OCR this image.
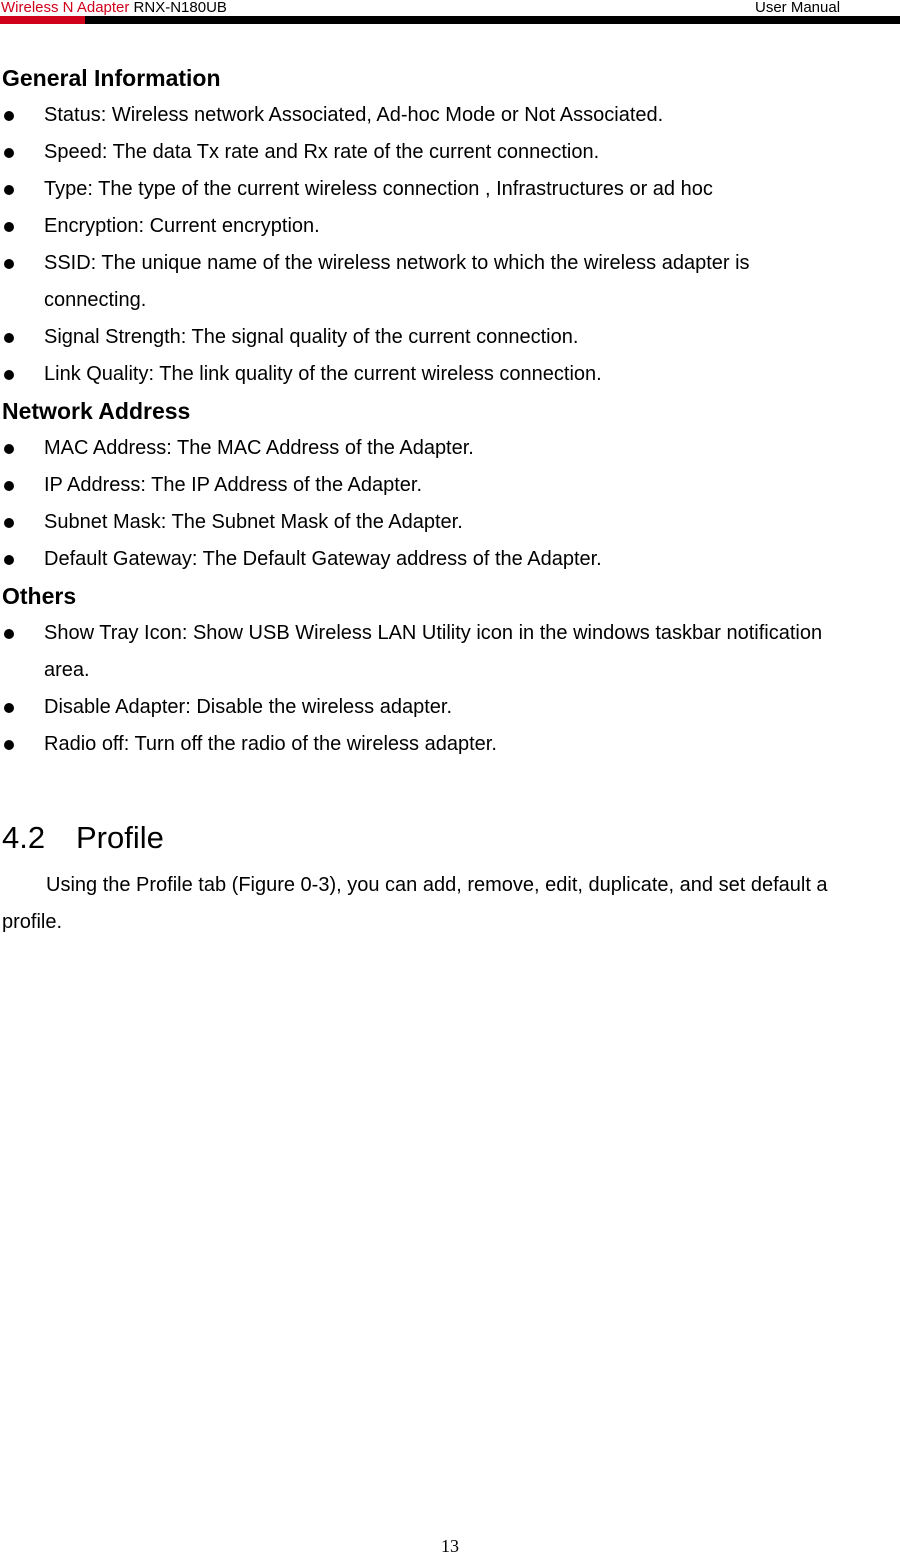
Wireless N Adapter RNX-N180UB	User Manual
General Information
Status: Wireless network Associated, Ad-hoc Mode or Not Associated.
Speed: The data Tx rate and Rx rate of the current connection.
Type: The type of the current wireless connection , Infrastructures or ad hoc
Encryption: Current encryption.
SSID: The unique name of the wireless network to which the wireless adapter is connecting.
Signal Strength: The signal quality of the current connection.
Link Quality: The link quality of the current wireless connection.
Network Address
MAC Address: The MAC Address of the Adapter.
IP Address: The IP Address of the Adapter.
Subnet Mask: The Subnet Mask of the Adapter.
Default Gateway: The Default Gateway address of the Adapter.
Others
Show Tray Icon: Show USB Wireless LAN Utility icon in the windows taskbar notification area.
Disable Adapter: Disable the wireless adapter.
Radio off: Turn off the radio of the wireless adapter.
4.2 Profile

Using the Profile tab (Figure 0-3), you can add, remove, edit, duplicate, and set default a profile.

13
